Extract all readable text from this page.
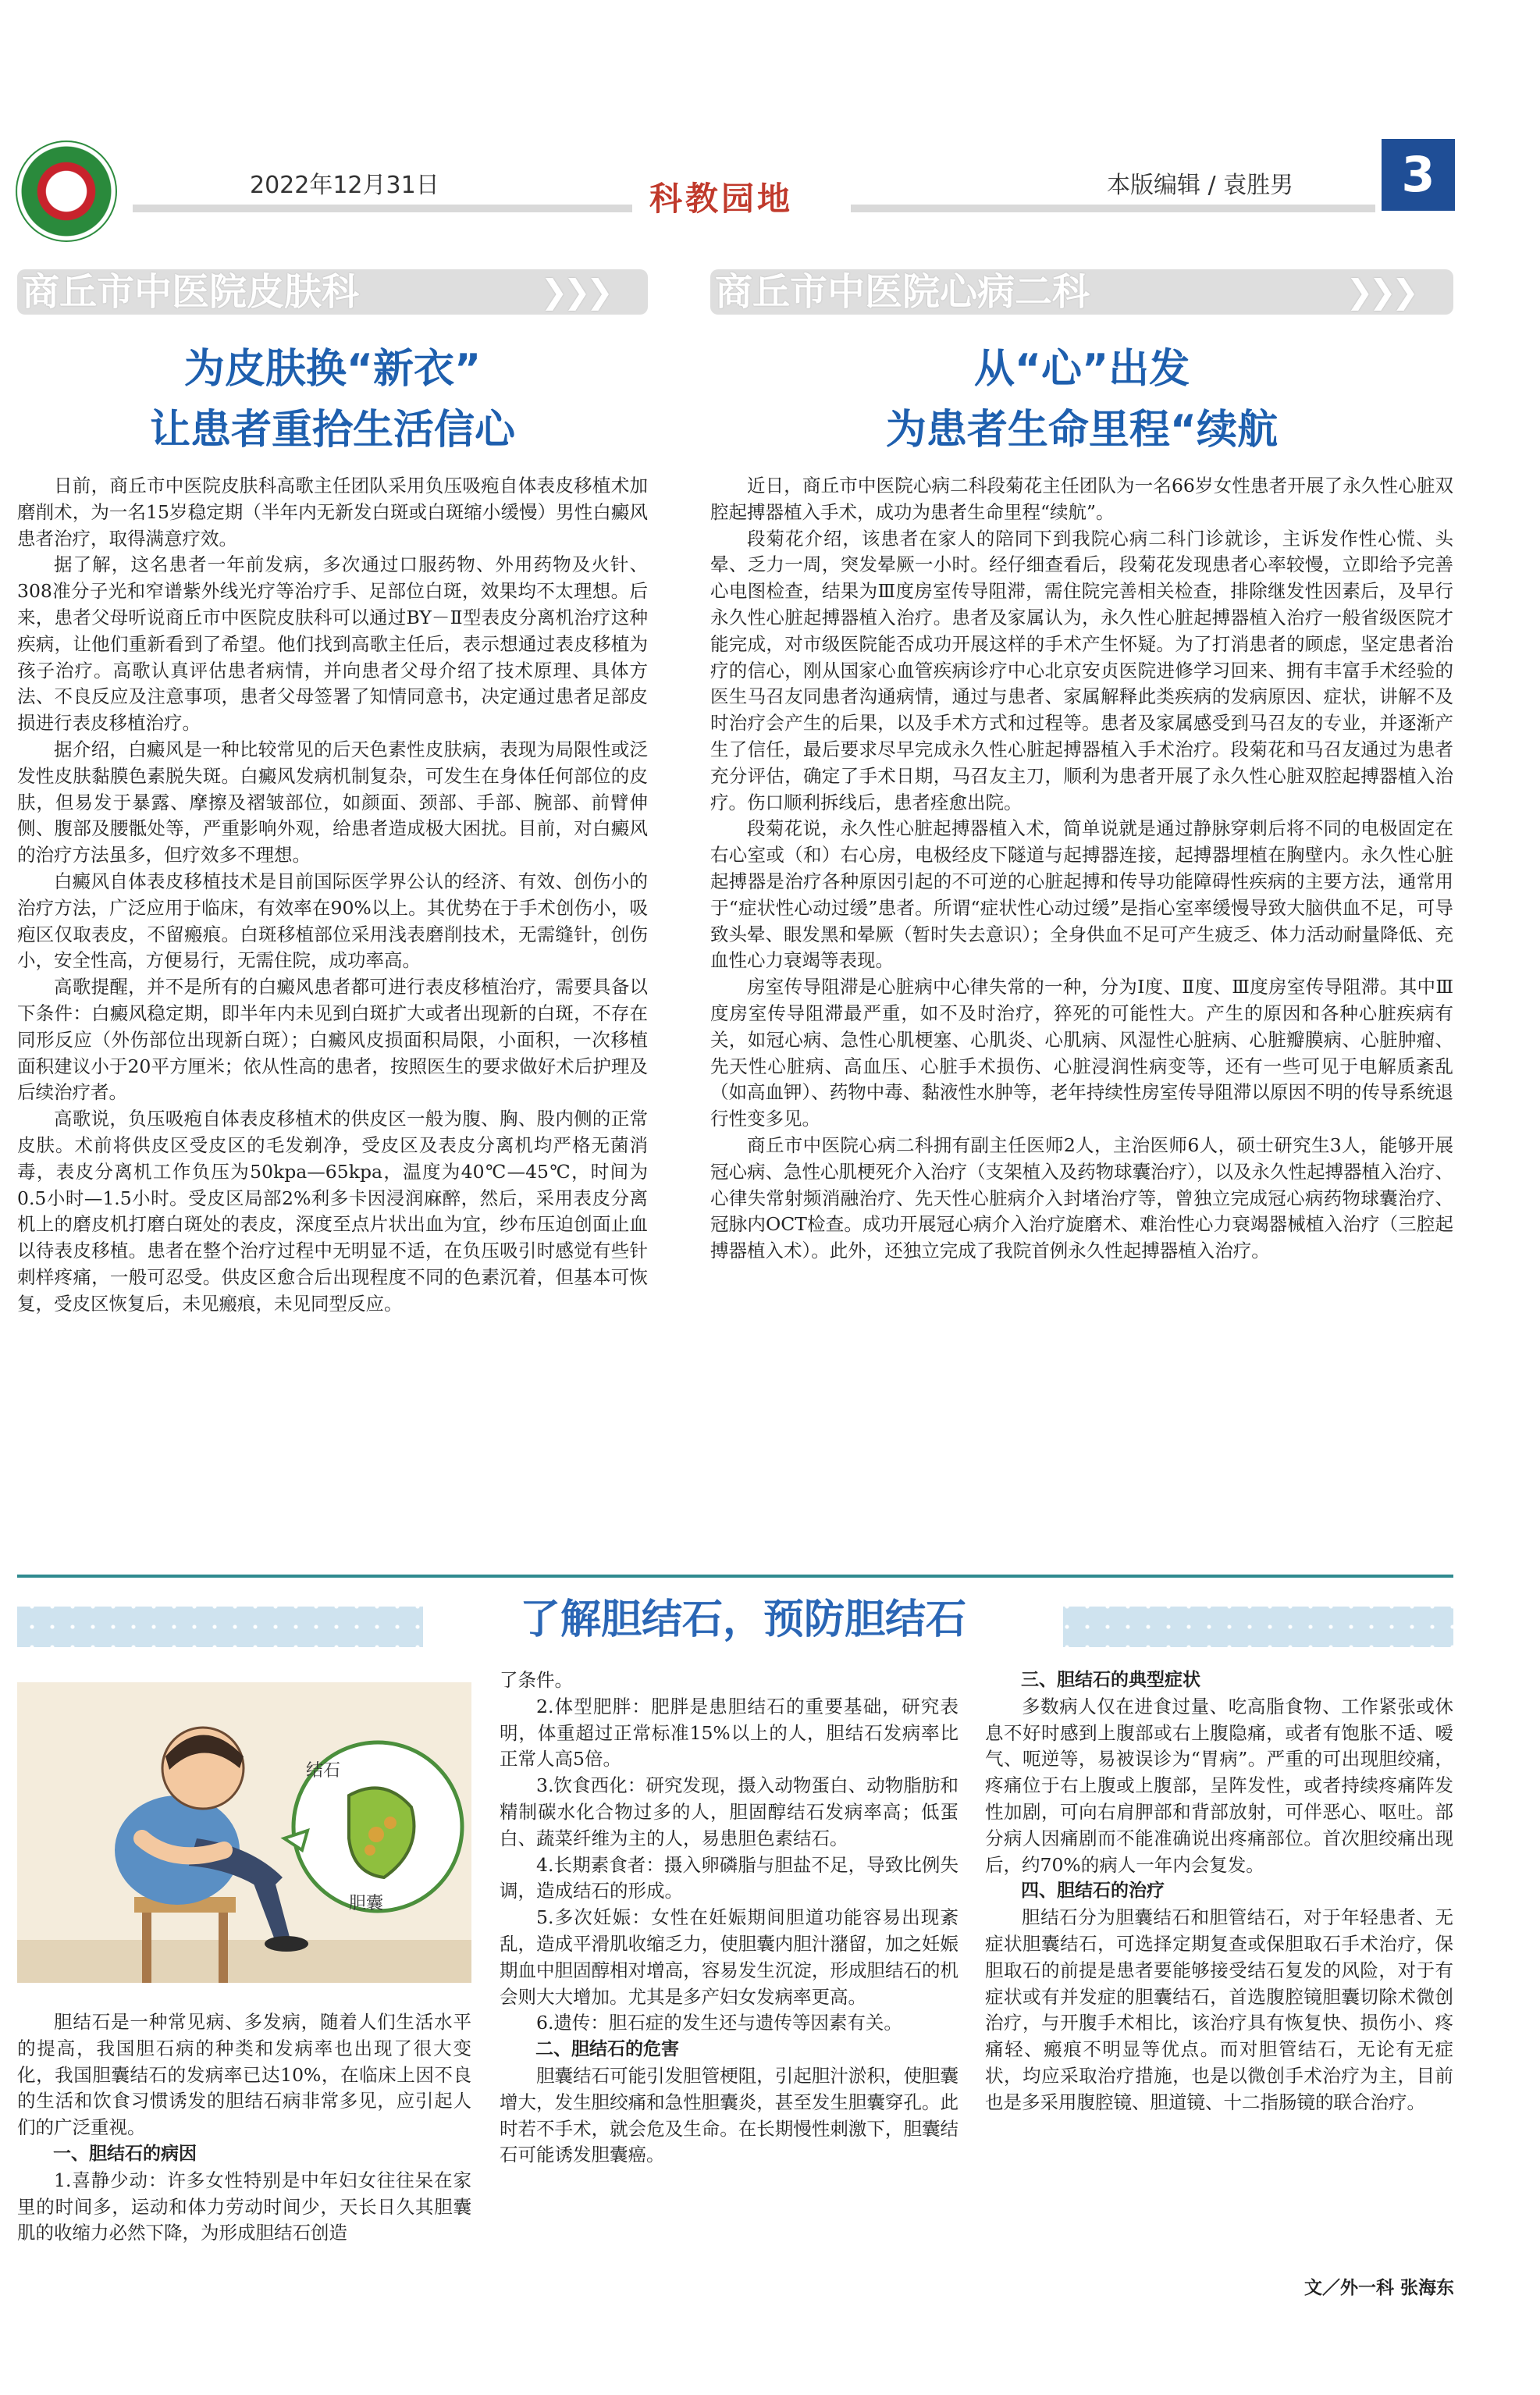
2022年12月31日	科教园地	本版编辑 / 袁胜男	3
商丘市中医院皮肤科	❯❯❯
为皮肤换“新衣”
让患者重拾生活信心

日前，商丘市中医院皮肤科高歌主任团队采用负压吸疱自体表皮移植术加磨削术，为一名15岁稳定期（半年内无新发白斑或白斑缩小缓慢）男性白癜风患者治疗，取得满意疗效。

据了解，这名患者一年前发病，多次通过口服药物、外用药物及火针、308准分子光和窄谱紫外线光疗等治疗手、足部位白斑，效果均不太理想。后来，患者父母听说商丘市中医院皮肤科可以通过BY－Ⅱ型表皮分离机治疗这种疾病，让他们重新看到了希望。他们找到高歌主任后，表示想通过表皮移植为孩子治疗。高歌认真评估患者病情，并向患者父母介绍了技术原理、具体方法、不良反应及注意事项，患者父母签署了知情同意书，决定通过患者足部皮损进行表皮移植治疗。

据介绍，白癜风是一种比较常见的后天色素性皮肤病，表现为局限性或泛发性皮肤黏膜色素脱失斑。白癜风发病机制复杂，可发生在身体任何部位的皮肤，但易发于暴露、摩擦及褶皱部位，如颜面、颈部、手部、腕部、前臂伸侧、腹部及腰骶处等，严重影响外观，给患者造成极大困扰。目前，对白癜风的治疗方法虽多，但疗效多不理想。

白癜风自体表皮移植技术是目前国际医学界公认的经济、有效、创伤小的治疗方法，广泛应用于临床，有效率在90%以上。其优势在于手术创伤小，吸疱区仅取表皮，不留瘢痕。白斑移植部位采用浅表磨削技术，无需缝针，创伤小，安全性高，方便易行，无需住院，成功率高。

高歌提醒，并不是所有的白癜风患者都可进行表皮移植治疗，需要具备以下条件：白癜风稳定期，即半年内未见到白斑扩大或者出现新的白斑，不存在同形反应（外伤部位出现新白斑）；白癜风皮损面积局限，小面积，一次移植面积建议小于20平方厘米；依从性高的患者，按照医生的要求做好术后护理及后续治疗者。

高歌说，负压吸疱自体表皮移植术的供皮区一般为腹、胸、股内侧的正常皮肤。术前将供皮区受皮区的毛发剃净，受皮区及表皮分离机均严格无菌消毒，表皮分离机工作负压为50kpa—65kpa，温度为40℃—45℃，时间为0.5小时—1.5小时。受皮区局部2%利多卡因浸润麻醉，然后，采用表皮分离机上的磨皮机打磨白斑处的表皮，深度至点片状出血为宜，纱布压迫创面止血以待表皮移植。患者在整个治疗过程中无明显不适，在负压吸引时感觉有些针刺样疼痛，一般可忍受。供皮区愈合后出现程度不同的色素沉着，但基本可恢复，受皮区恢复后，未见瘢痕，未见同型反应。

商丘市中医院心病二科	❯❯❯
从“心”出发
为患者生命里程“续航

近日，商丘市中医院心病二科段菊花主任团队为一名66岁女性患者开展了永久性心脏双腔起搏器植入手术，成功为患者生命里程“续航”。

段菊花介绍，该患者在家人的陪同下到我院心病二科门诊就诊，主诉发作性心慌、头晕、乏力一周，突发晕厥一小时。经仔细查看后，段菊花发现患者心率较慢，立即给予完善心电图检查，结果为Ⅲ度房室传导阻滞，需住院完善相关检查，排除继发性因素后，及早行永久性心脏起搏器植入治疗。患者及家属认为，永久性心脏起搏器植入治疗一般省级医院才能完成，对市级医院能否成功开展这样的手术产生怀疑。为了打消患者的顾虑，坚定患者治疗的信心，刚从国家心血管疾病诊疗中心北京安贞医院进修学习回来、拥有丰富手术经验的医生马召友同患者沟通病情，通过与患者、家属解释此类疾病的发病原因、症状，讲解不及时治疗会产生的后果，以及手术方式和过程等。患者及家属感受到马召友的专业，并逐渐产生了信任，最后要求尽早完成永久性心脏起搏器植入手术治疗。段菊花和马召友通过为患者充分评估，确定了手术日期，马召友主刀，顺利为患者开展了永久性心脏双腔起搏器植入治疗。伤口顺利拆线后，患者痊愈出院。

段菊花说，永久性心脏起搏器植入术，简单说就是通过静脉穿刺后将不同的电极固定在右心室或（和）右心房，电极经皮下隧道与起搏器连接，起搏器埋植在胸壁内。永久性心脏起搏器是治疗各种原因引起的不可逆的心脏起搏和传导功能障碍性疾病的主要方法，通常用于“症状性心动过缓”患者。所谓“症状性心动过缓”是指心室率缓慢导致大脑供血不足，可导致头晕、眼发黑和晕厥（暂时失去意识）；全身供血不足可产生疲乏、体力活动耐量降低、充血性心力衰竭等表现。

房室传导阻滞是心脏病中心律失常的一种，分为Ⅰ度、Ⅱ度、Ⅲ度房室传导阻滞。其中Ⅲ度房室传导阻滞最严重，如不及时治疗，猝死的可能性大。产生的原因和各种心脏疾病有关，如冠心病、急性心肌梗塞、心肌炎、心肌病、风湿性心脏病、心脏瓣膜病、心脏肿瘤、先天性心脏病、高血压、心脏手术损伤、心脏浸润性病变等，还有一些可见于电解质紊乱（如高血钾）、药物中毒、黏液性水肿等，老年持续性房室传导阻滞以原因不明的传导系统退行性变多见。

商丘市中医院心病二科拥有副主任医师2人，主治医师6人，硕士研究生3人，能够开展冠心病、急性心肌梗死介入治疗（支架植入及药物球囊治疗），以及永久性起搏器植入治疗、心律失常射频消融治疗、先天性心脏病介入封堵治疗等，曾独立完成冠心病药物球囊治疗、冠脉内OCT检查。成功开展冠心病介入治疗旋磨术、难治性心力衰竭器械植入治疗（三腔起搏器植入术）。此外，还独立完成了我院首例永久性起搏器植入治疗。

了解胆结石，预防胆结石
结石
胆囊

胆结石是一种常见病、多发病，随着人们生活水平的提高，我国胆石病的种类和发病率也出现了很大变化，我国胆囊结石的发病率已达10%，在临床上因不良的生活和饮食习惯诱发的胆结石病非常多见，应引起人们的广泛重视。

一、胆结石的病因

1.喜静少动：许多女性特别是中年妇女往往呆在家里的时间多，运动和体力劳动时间少，天长日久其胆囊肌的收缩力必然下降，为形成胆结石创造

了条件。

2.体型肥胖：肥胖是患胆结石的重要基础，研究表明，体重超过正常标准15%以上的人，胆结石发病率比正常人高5倍。

3.饮食西化：研究发现，摄入动物蛋白、动物脂肪和精制碳水化合物过多的人，胆固醇结石发病率高；低蛋白、蔬菜纤维为主的人，易患胆色素结石。

4.长期素食者：摄入卵磷脂与胆盐不足，导致比例失调，造成结石的形成。

5.多次妊娠：女性在妊娠期间胆道功能容易出现紊乱，造成平滑肌收缩乏力，使胆囊内胆汁潴留，加之妊娠期血中胆固醇相对增高，容易发生沉淀，形成胆结石的机会则大大增加。尤其是多产妇女发病率更高。

6.遗传：胆石症的发生还与遗传等因素有关。

二、胆结石的危害

胆囊结石可能引发胆管梗阻，引起胆汁淤积，使胆囊增大，发生胆绞痛和急性胆囊炎，甚至发生胆囊穿孔。此时若不手术，就会危及生命。在长期慢性刺激下，胆囊结石可能诱发胆囊癌。

三、胆结石的典型症状

多数病人仅在进食过量、吃高脂食物、工作紧张或休息不好时感到上腹部或右上腹隐痛，或者有饱胀不适、嗳气、呃逆等，易被误诊为“胃病”。严重的可出现胆绞痛，疼痛位于右上腹或上腹部，呈阵发性，或者持续疼痛阵发性加剧，可向右肩胛部和背部放射，可伴恶心、呕吐。部分病人因痛剧而不能准确说出疼痛部位。首次胆绞痛出现后，约70%的病人一年内会复发。

四、胆结石的治疗

胆结石分为胆囊结石和胆管结石，对于年轻患者、无症状胆囊结石，可选择定期复查或保胆取石手术治疗，保胆取石的前提是患者要能够接受结石复发的风险，对于有症状或有并发症的胆囊结石，首选腹腔镜胆囊切除术微创治疗，与开腹手术相比，该治疗具有恢复快、损伤小、疼痛轻、瘢痕不明显等优点。而对胆管结石，无论有无症状，均应采取治疗措施，也是以微创手术治疗为主，目前也是多采用腹腔镜、胆道镜、十二指肠镜的联合治疗。

文／外一科 张海东
